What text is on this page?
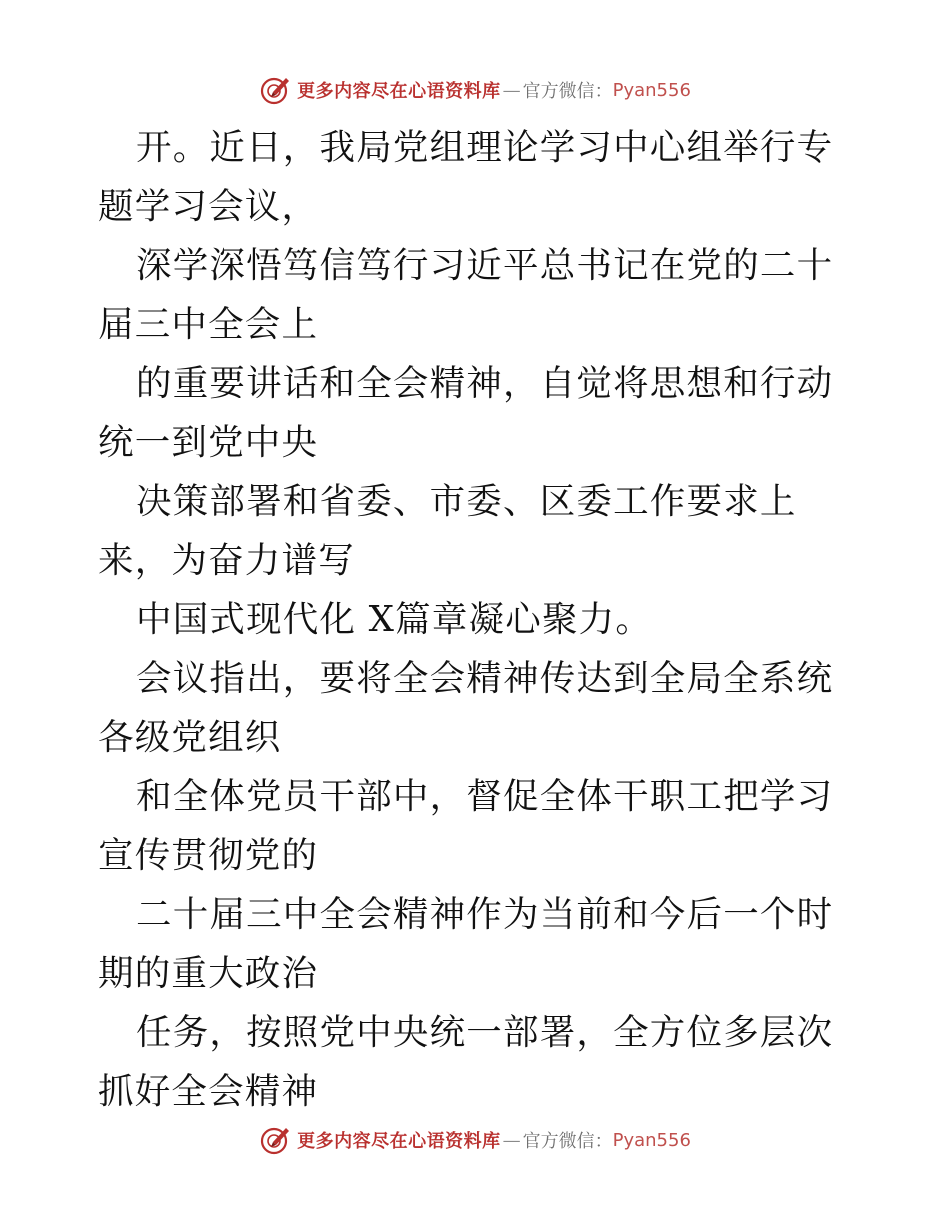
更多内容尽在心语资料库 — 官方微信： Pyan556

开。近日，我局党组理论学习中心组举行专题学习会议，

深学深悟笃信笃行习近平总书记在党的二十届三中全会上

的重要讲话和全会精神，自觉将思想和行动统一到党中央

决策部署和省委、市委、区委工作要求上来，为奋力谱写

中国式现代化 X篇章凝心聚力。

会议指出，要将全会精神传达到全局全系统各级党组织

和全体党员干部中，督促全体干职工把学习宣传贯彻党的

二十届三中全会精神作为当前和今后一个时期的重大政治

任务，按照党中央统一部署，全方位多层次抓好全会精神

更多内容尽在心语资料库 — 官方微信： Pyan556
